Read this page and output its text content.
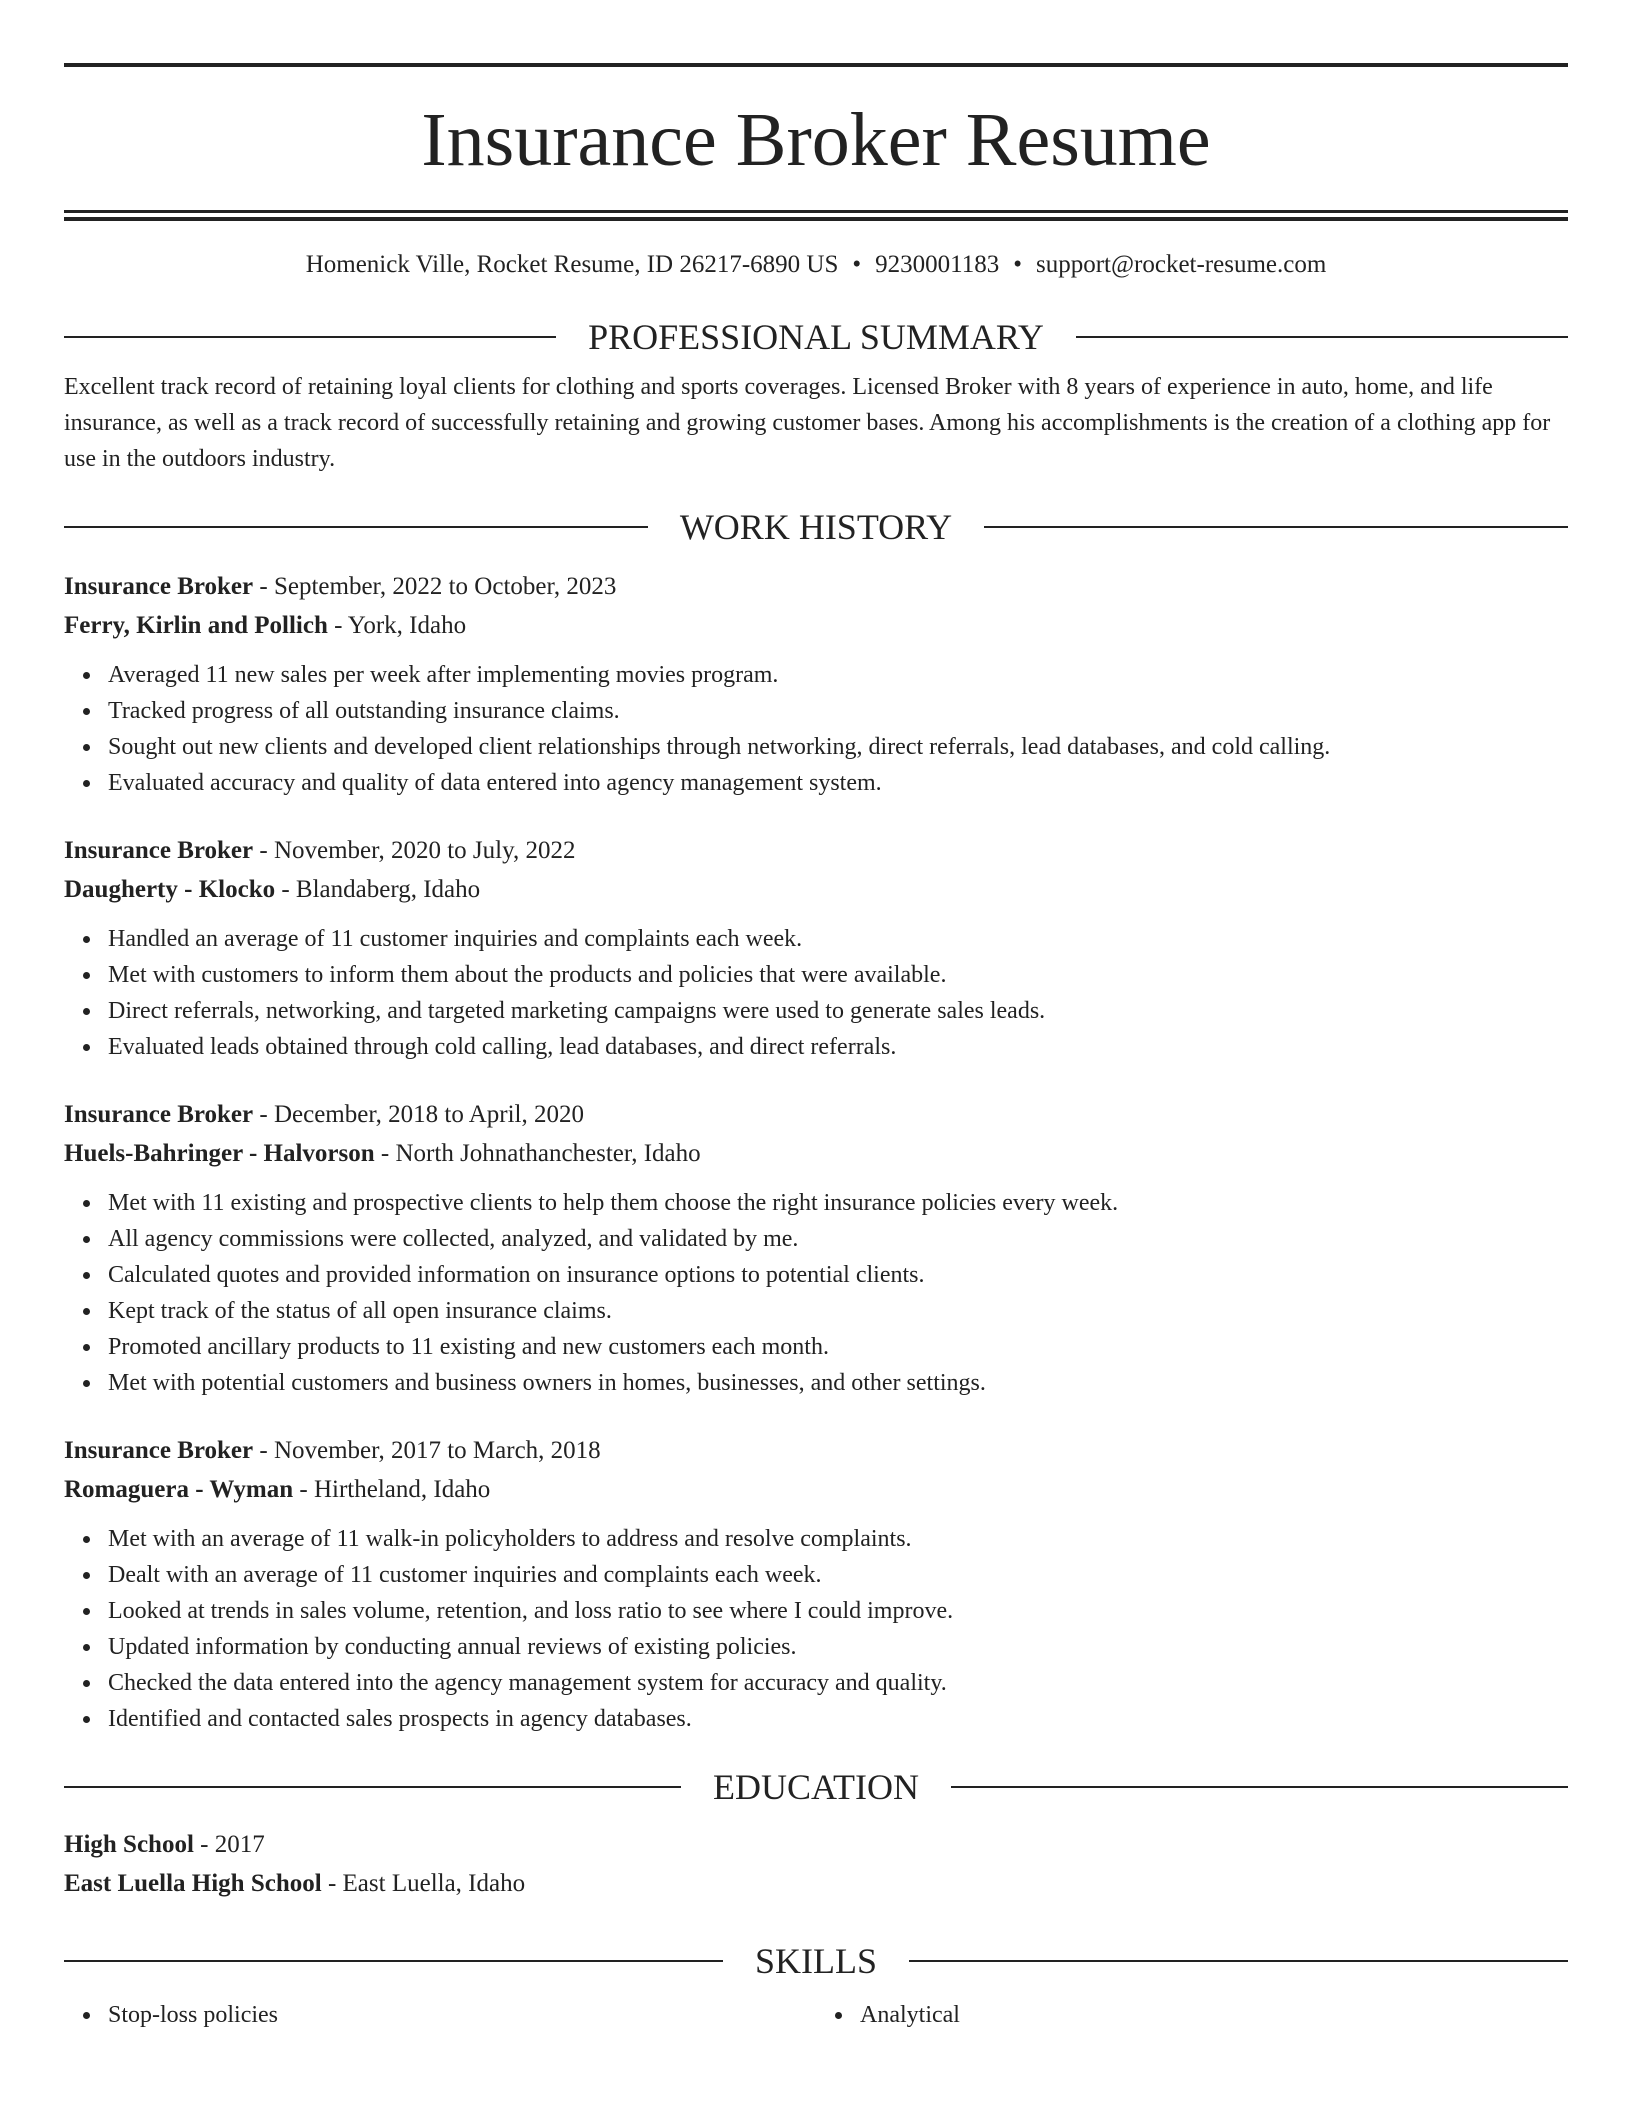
Insurance Broker Resume
Homenick Ville, Rocket Resume, ID 26217-6890 US • 9230001183 • support@rocket-resume.com
PROFESSIONAL SUMMARY
Excellent track record of retaining loyal clients for clothing and sports coverages. Licensed Broker with 8 years of experience in auto, home, and life insurance, as well as a track record of successfully retaining and growing customer bases. Among his accomplishments is the creation of a clothing app for use in the outdoors industry.
WORK HISTORY
Insurance Broker - September, 2022 to October, 2023
Ferry, Kirlin and Pollich - York, Idaho
Averaged 11 new sales per week after implementing movies program.
Tracked progress of all outstanding insurance claims.
Sought out new clients and developed client relationships through networking, direct referrals, lead databases, and cold calling.
Evaluated accuracy and quality of data entered into agency management system.
Insurance Broker - November, 2020 to July, 2022
Daugherty - Klocko - Blandaberg, Idaho
Handled an average of 11 customer inquiries and complaints each week.
Met with customers to inform them about the products and policies that were available.
Direct referrals, networking, and targeted marketing campaigns were used to generate sales leads.
Evaluated leads obtained through cold calling, lead databases, and direct referrals.
Insurance Broker - December, 2018 to April, 2020
Huels-Bahringer - Halvorson - North Johnathanchester, Idaho
Met with 11 existing and prospective clients to help them choose the right insurance policies every week.
All agency commissions were collected, analyzed, and validated by me.
Calculated quotes and provided information on insurance options to potential clients.
Kept track of the status of all open insurance claims.
Promoted ancillary products to 11 existing and new customers each month.
Met with potential customers and business owners in homes, businesses, and other settings.
Insurance Broker - November, 2017 to March, 2018
Romaguera - Wyman - Hirtheland, Idaho
Met with an average of 11 walk-in policyholders to address and resolve complaints.
Dealt with an average of 11 customer inquiries and complaints each week.
Looked at trends in sales volume, retention, and loss ratio to see where I could improve.
Updated information by conducting annual reviews of existing policies.
Checked the data entered into the agency management system for accuracy and quality.
Identified and contacted sales prospects in agency databases.
EDUCATION
High School - 2017
East Luella High School - East Luella, Idaho
SKILLS
Stop-loss policies	Analytical
